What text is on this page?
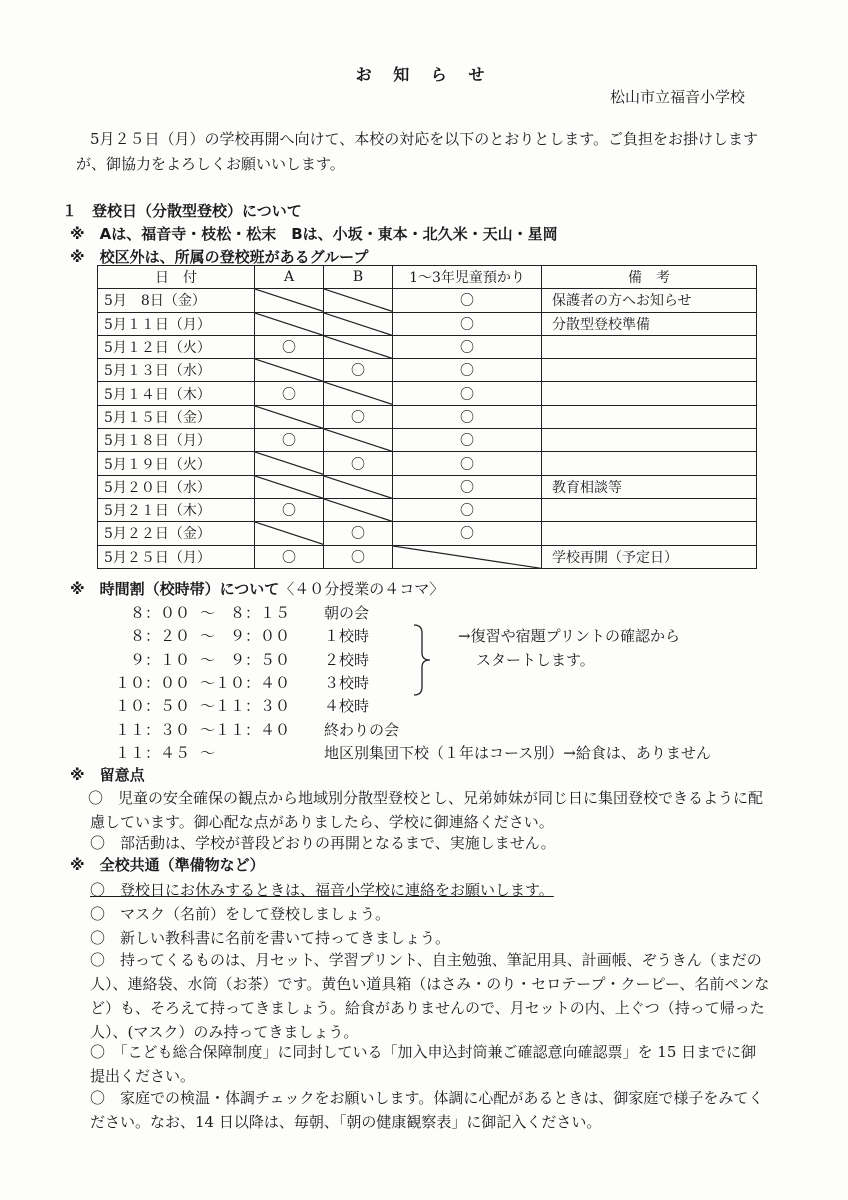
お 知 ら せ
松山市立福音小学校
5月２５日（月）の学校再開へ向けて、本校の対応を以下のとおりとします。ご負担をお掛けしますが、御協力をよろしくお願いいします。
１　登校日（分散型登校）について
※　Aは、福音寺・枝松・松末　Bは、小坂・東本・北久米・天山・星岡
※　校区外は、所属の登校班があるグループ
日　付	A	B	1～3年児童預かり	備　考
5月　8日（金）			〇	保護者の方へお知らせ
5月１１日（月）			〇	分散型登校準備
5月１２日（火）	〇		〇	
5月１３日（水）		〇	〇	
5月１４日（木）	〇		〇	
5月１５日（金）		〇	〇	
5月１８日（月）	〇		〇	
5月１９日（火）		〇	〇	
5月２０日（水）			〇	教育相談等
5月２１日（木）	〇		〇	
5月２２日（金）		〇	〇	
5月２５日（月）	〇	〇		学校再開（予定日）
※　時間割（校時帯）について〈４０分授業の４コマ〉
８：００ ～　８：１５ 朝の会
８：２０ ～　９：００ １校時
９：１０ ～　９：５０ ２校時
１０：００ ～１０：４０ ３校時
１０：５０ ～１１：３０ ４校時
１１：３０ ～１１：４０ 終わりの会
１１：４５ ～	地区別集団下校（１年はコース別）→給食は、ありません
→復習や宿題プリントの確認から
スタートします。
※　留意点
〇　児童の安全確保の観点から地域別分散型登校とし、兄弟姉妹が同じ日に集団登校できるように配慮しています。御心配な点がありましたら、学校に御連絡ください。
〇　部活動は、学校が普段どおりの再開となるまで、実施しません。
※　全校共通（準備物など）
〇　登校日にお休みするときは、福音小学校に連絡をお願いします。
〇　マスク（名前）をして登校しましょう。
〇　新しい教科書に名前を書いて持ってきましょう。
〇　持ってくるものは、月セット、学習プリント、自主勉強、筆記用具、計画帳、ぞうきん（まだの人）、連絡袋、水筒（お茶）です。黄色い道具箱（はさみ・のり・セロテープ・クーピー、名前ペンなど）も、そろえて持ってきましょう。給食がありませんので、月セットの内、上ぐつ（持って帰った人）、(マスク）のみ持ってきましょう。
〇　「こども総合保障制度」に同封している「加入申込封筒兼ご確認意向確認票」を 15 日までに御提出ください。
〇　家庭での検温・体調チェックをお願いします。体調に心配があるときは、御家庭で様子をみてください。なお、14 日以降は、毎朝、「朝の健康観察表」に御記入ください。
